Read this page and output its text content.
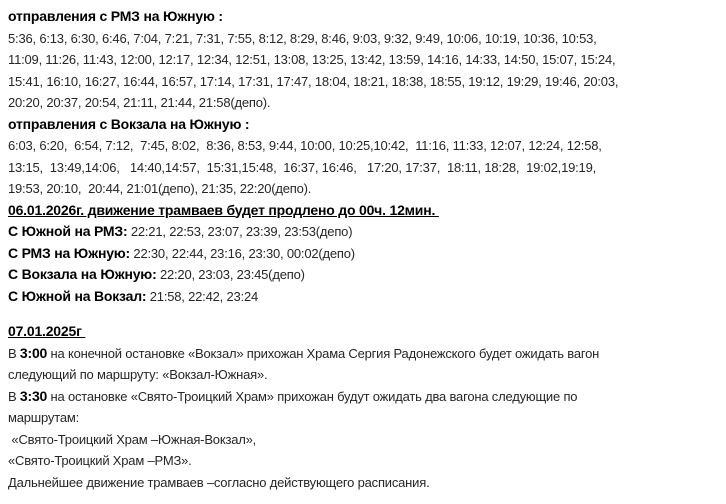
отправления с РМЗ на Южную :
5:36, 6:13, 6:30, 6:46, 7:04, 7:21, 7:31, 7:55, 8:12, 8:29, 8:46, 9:03, 9:32, 9:49, 10:06, 10:19, 10:36, 10:53,
11:09, 11:26, 11:43, 12:00, 12:17, 12:34, 12:51, 13:08, 13:25, 13:42, 13:59, 14:16, 14:33, 14:50, 15:07, 15:24,
15:41, 16:10, 16:27, 16:44, 16:57, 17:14, 17:31, 17:47, 18:04, 18:21, 18:38, 18:55, 19:12, 19:29, 19:46, 20:03,
20:20, 20:37, 20:54, 21:11, 21:44, 21:58(депо).
отправления с Вокзала на Южную :
6:03, 6:20,  6:54, 7:12,  7:45, 8:02,  8:36, 8:53, 9:44, 10:00, 10:25,10:42,  11:16, 11:33, 12:07, 12:24, 12:58,
13:15,  13:49,14:06,   14:40,14:57,  15:31,15:48,  16:37, 16:46,   17:20, 17:37,  18:11, 18:28,  19:02,19:19,
19:53, 20:10,  20:44, 21:01(депо), 21:35, 22:20(депо).
06.01.2026г. движение трамваев будет продлено до 00ч. 12мин.
С Южной на РМЗ: 22:21, 22:53, 23:07, 23:39, 23:53(депо)
С РМЗ на Южную: 22:30, 22:44, 23:16, 23:30, 00:02(депо)
С Вокзала на Южную: 22:20, 23:03, 23:45(депо)
С Южной на Вокзал: 21:58, 22:42, 23:24
07.01.2025г
В 3:00 на конечной остановке «Вокзал» прихожан Храма Сергия Радонежского будет ожидать вагон
следующий по маршруту: «Вокзал-Южная».
В 3:30 на остановке «Свято-Троицкий Храм» прихожан будут ожидать два вагона следующие по
маршрутам:
«Свято-Троицкий Храм –Южная-Вокзал»,
«Свято-Троицкий Храм –РМЗ».
Дальнейшее движение трамваев –согласно действующего расписания.
